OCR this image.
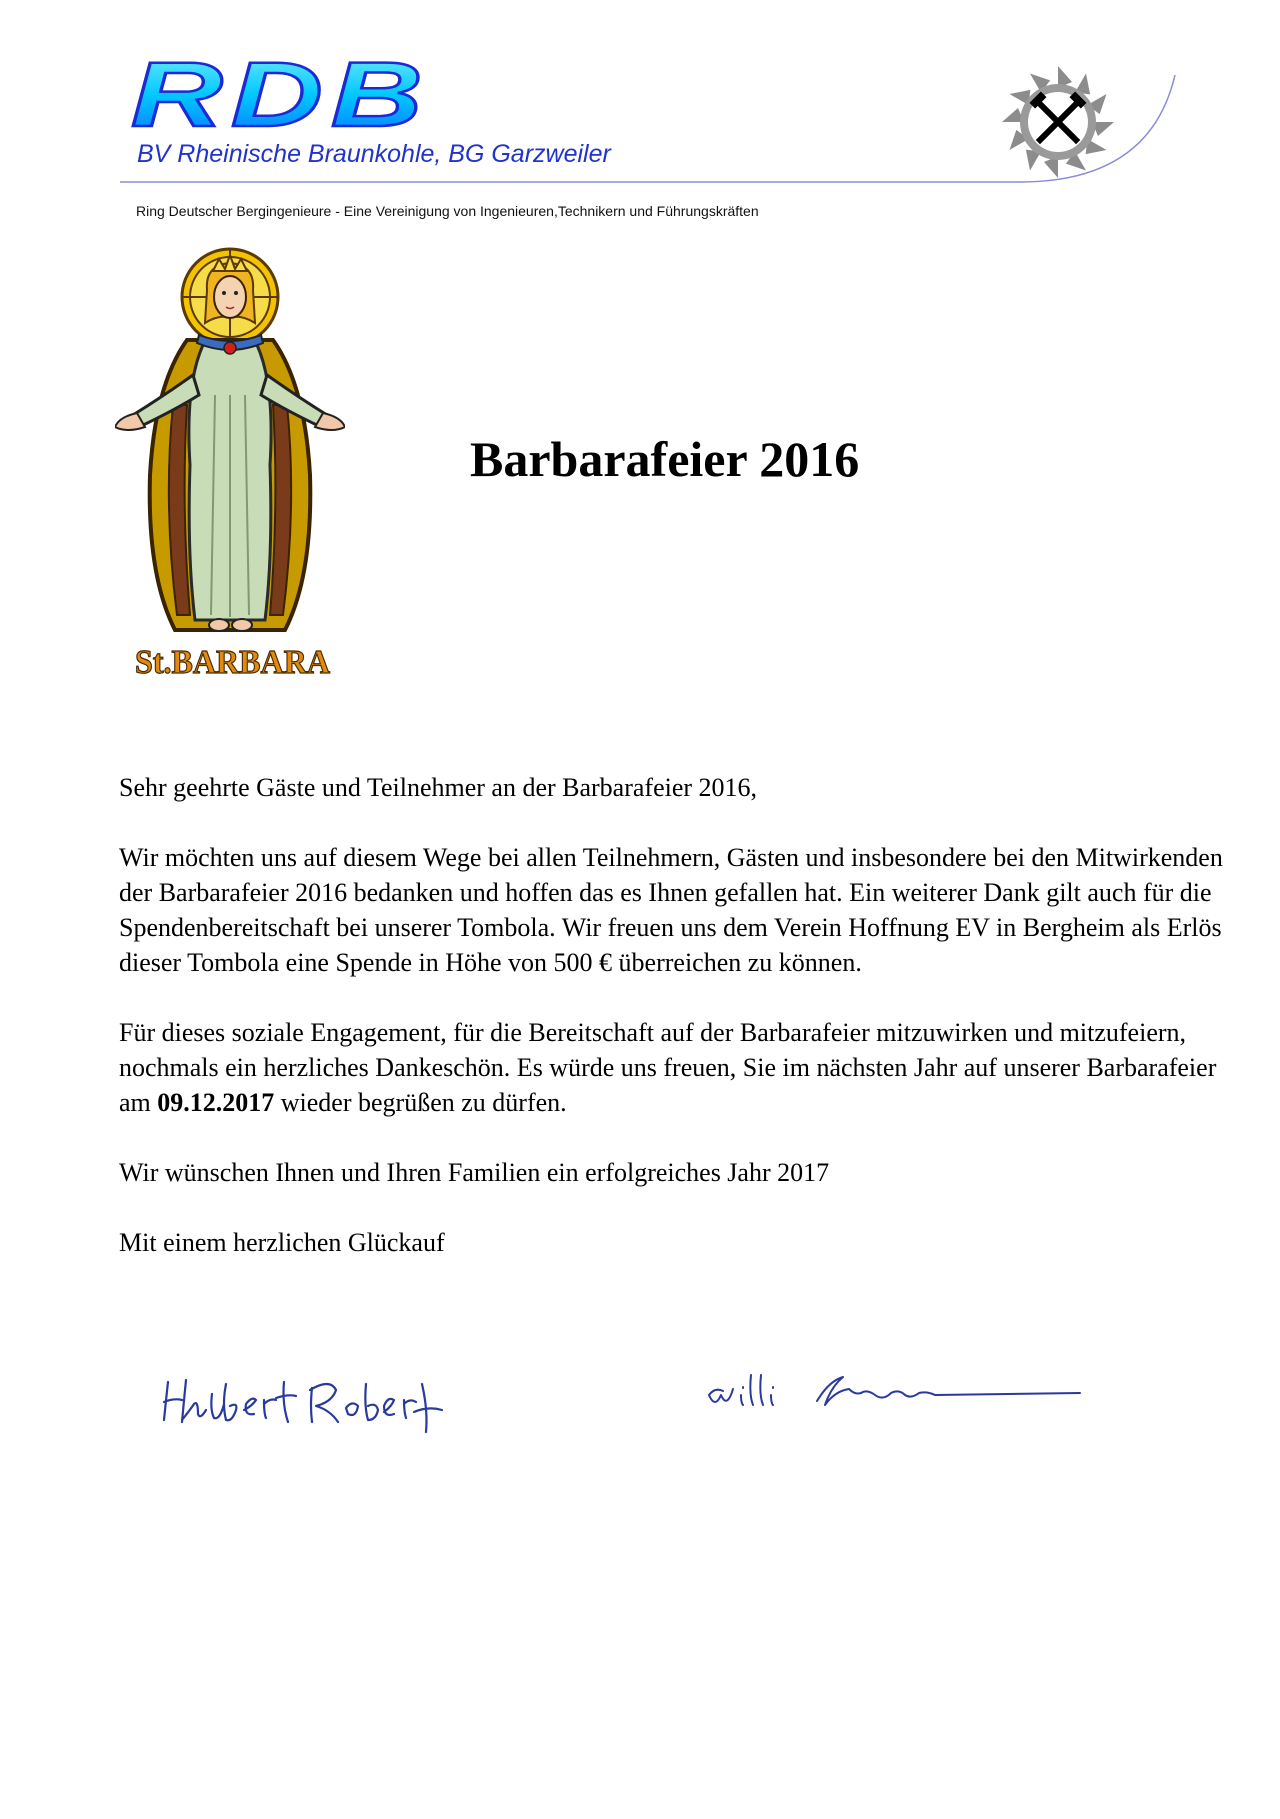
RDB
BV Rheinische Braunkohle, BG Garzweiler
Ring Deutscher Bergingenieure - Eine Vereinigung von Ingenieuren,Technikern und Führungskräften
St.BARBARA
Barbarafeier 2016

Sehr geehrte Gäste und Teilnehmer an der Barbarafeier 2016,

Wir möchten uns auf diesem Wege bei allen Teilnehmern, Gästen und insbesondere bei den Mitwirkenden der Barbarafeier 2016 bedanken und hoffen das es Ihnen gefallen hat. Ein weiterer Dank gilt auch für die Spendenbereitschaft bei unserer Tombola. Wir freuen uns dem Verein Hoffnung EV in Bergheim als Erlös dieser Tombola eine Spende in Höhe von 500 € überreichen zu können.

Für dieses soziale Engagement, für die Bereitschaft auf der Barbarafeier mitzuwirken und mitzufeiern, nochmals ein herzliches Dankeschön. Es würde uns freuen, Sie im nächsten Jahr auf unserer Barbarafeier am 09.12.2017 wieder begrüßen zu dürfen.

Wir wünschen Ihnen und Ihren Familien ein erfolgreiches Jahr 2017

Mit einem herzlichen Glückauf
